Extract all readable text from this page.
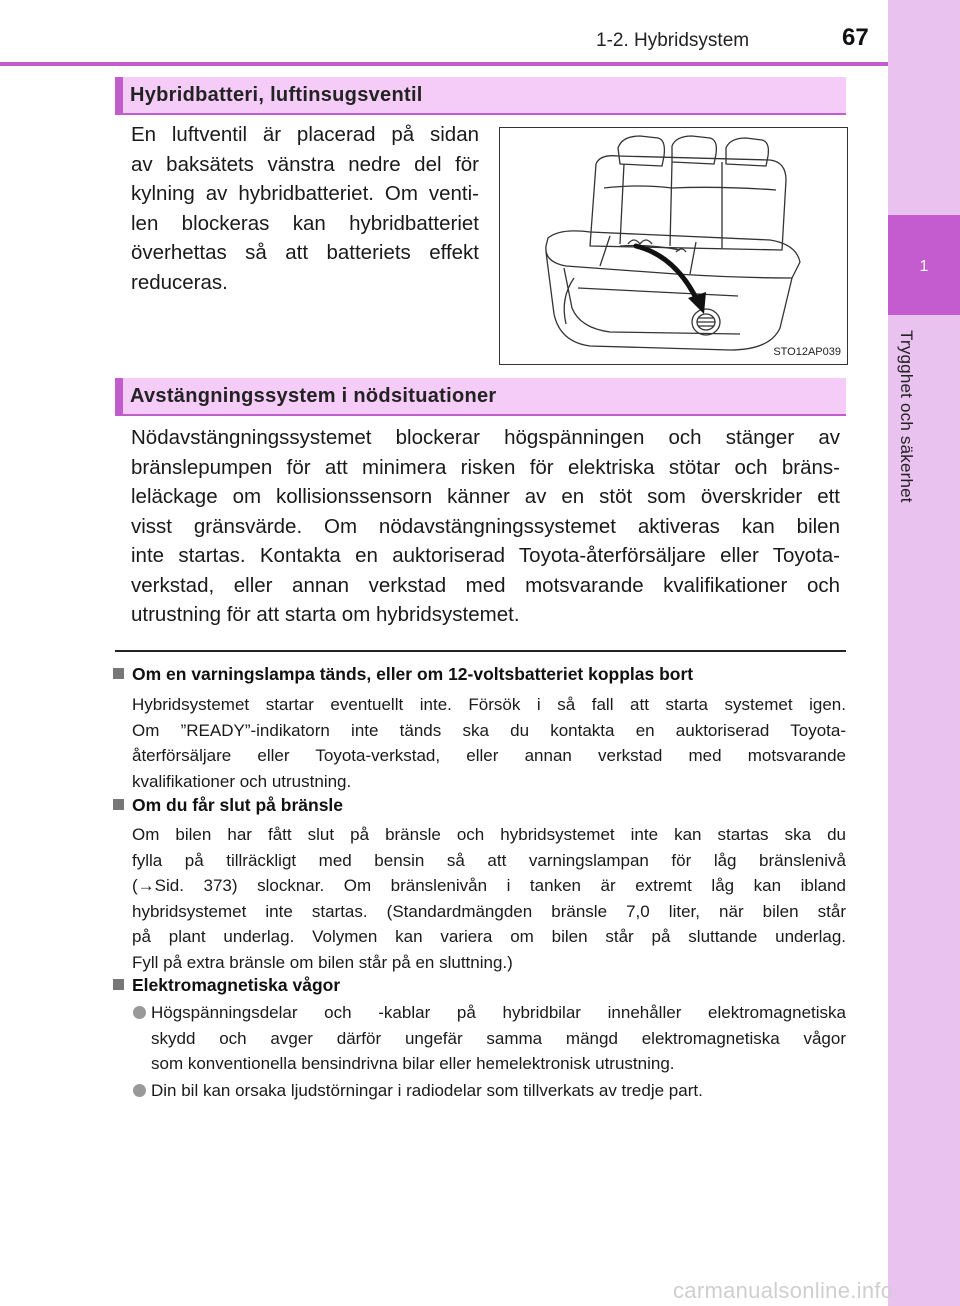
1
Trygghet och säkerhet
1-2. Hybridsystem	67
Hybridbatteri, luftinsugsventil
En luftventil är placerad på sidan
av baksätets vänstra nedre del för
kylning av hybridbatteriet. Om venti-
len blockeras kan hybridbatteriet
överhettas så att batteriets effekt
reduceras.
STO12AP039
Avstängningssystem i nödsituationer
Nödavstängningssystemet blockerar högspänningen och stänger av
bränslepumpen för att minimera risken för elektriska stötar och bräns-
leläckage om kollisionssensorn känner av en stöt som överskrider ett
visst gränsvärde. Om nödavstängningssystemet aktiveras kan bilen
inte startas. Kontakta en auktoriserad Toyota-återförsäljare eller Toyota-
verkstad, eller annan verkstad med motsvarande kvalifikationer och
utrustning för att starta om hybridsystemet.
Om en varningslampa tänds, eller om 12-voltsbatteriet kopplas bort
Hybridsystemet startar eventuellt inte. Försök i så fall att starta systemet igen.
Om ”READY”-indikatorn inte tänds ska du kontakta en auktoriserad Toyota-
återförsäljare eller Toyota-verkstad, eller annan verkstad med motsvarande
kvalifikationer och utrustning.
Om du får slut på bränsle
Om bilen har fått slut på bränsle och hybridsystemet inte kan startas ska du
fylla på tillräckligt med bensin så att varningslampan för låg bränslenivå
(→Sid. 373) slocknar. Om bränslenivån i tanken är extremt låg kan ibland
hybridsystemet inte startas. (Standardmängden bränsle 7,0 liter, när bilen står
på plant underlag. Volymen kan variera om bilen står på sluttande underlag.
Fyll på extra bränsle om bilen står på en sluttning.)
Elektromagnetiska vågor
Högspänningsdelar och -kablar på hybridbilar innehåller elektromagnetiska
skydd och avger därför ungefär samma mängd elektromagnetiska vågor
som konventionella bensindrivna bilar eller hemelektronisk utrustning.
Din bil kan orsaka ljudstörningar i radiodelar som tillverkats av tredje part.
carmanualsonline.info
